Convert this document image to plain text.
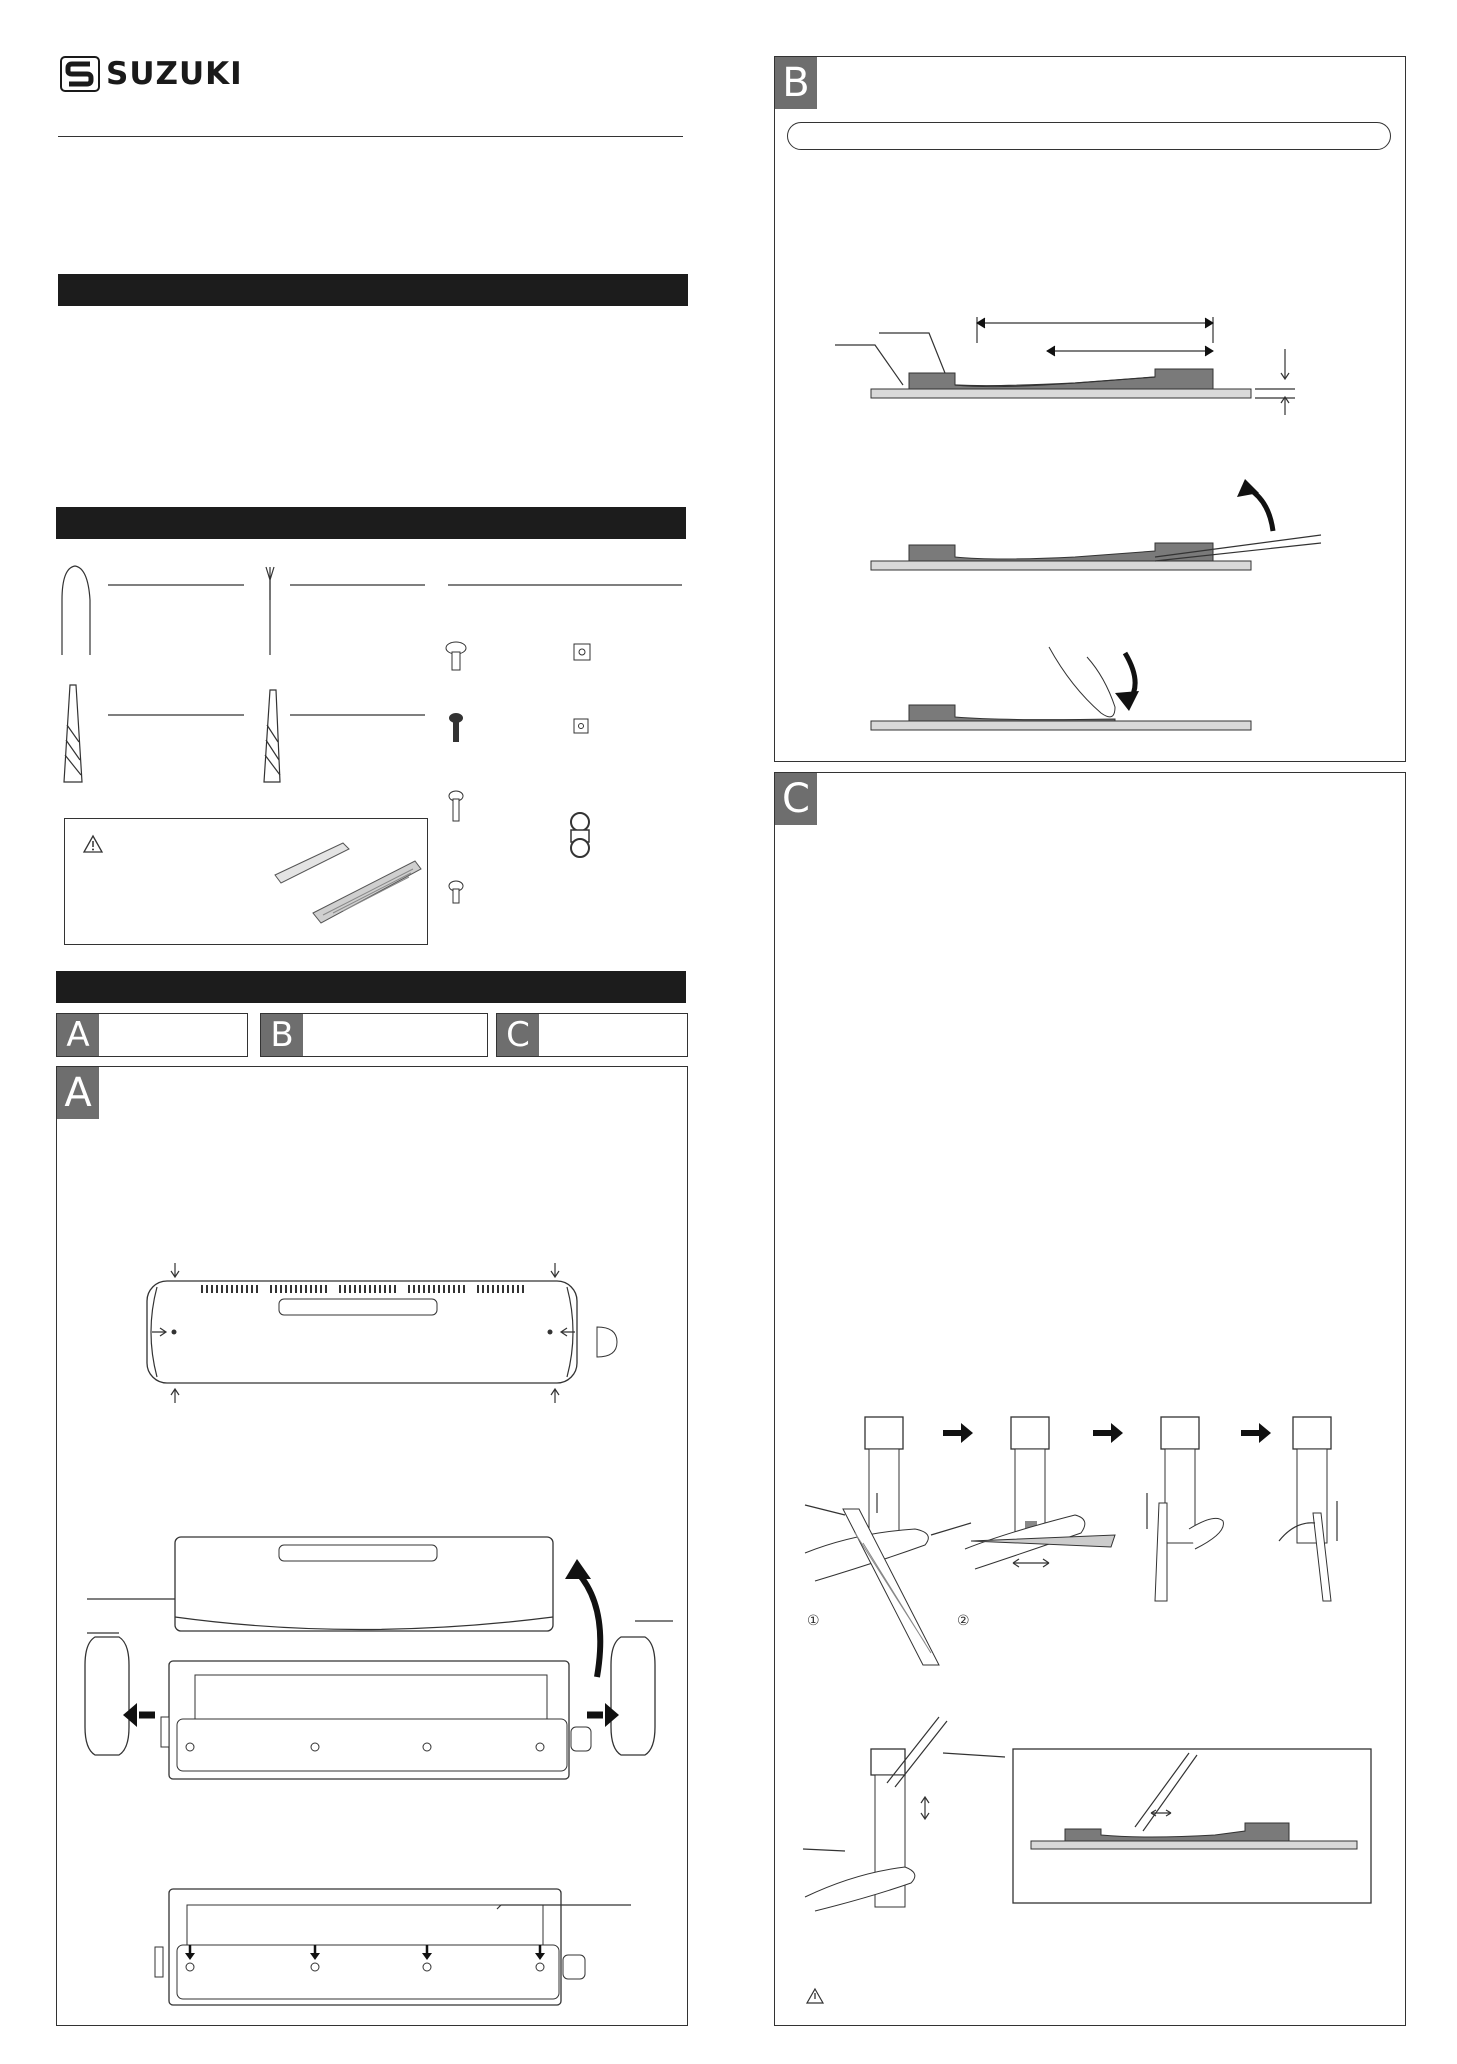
SUZUKI
A	B	C
A
B
C
①	②
